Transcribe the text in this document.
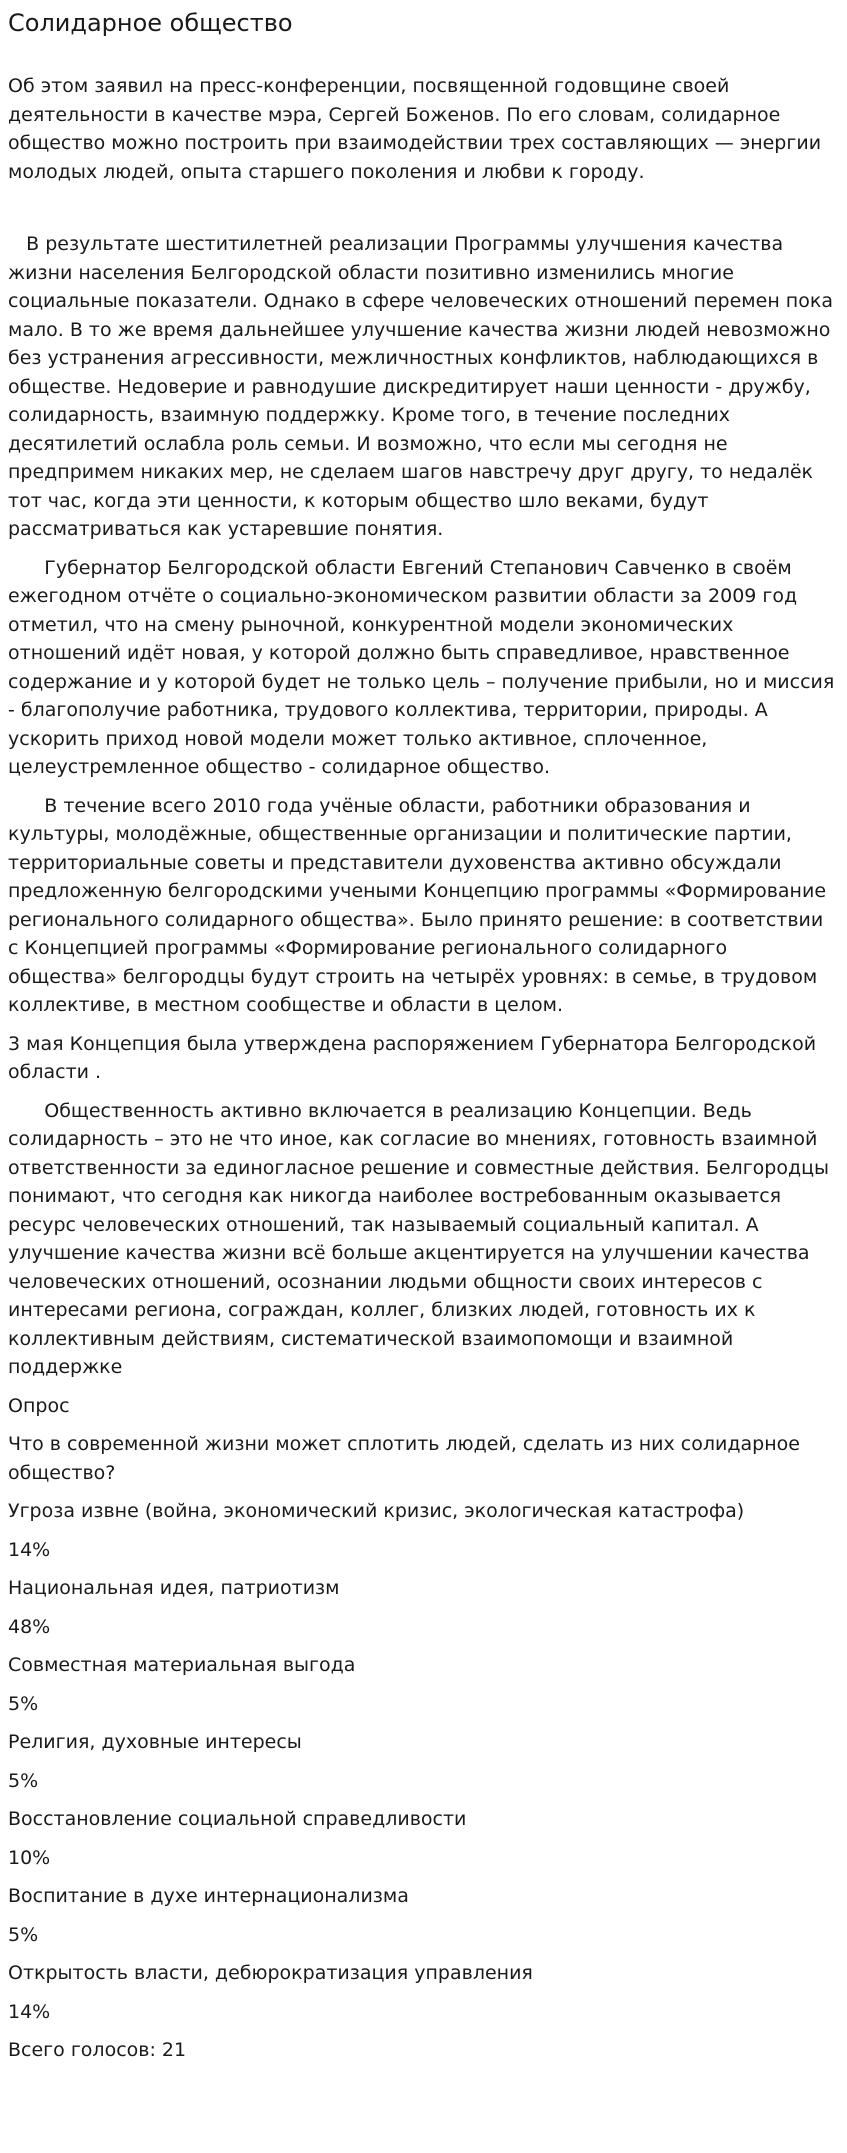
Солидарное общество

Об этом заявил на пресс-конференции, посвященной годовщине своей деятельности в качестве мэра, Сергей Боженов. По его словам, солидарное общество можно построить при взаимодействии трех составляющих — энергии молодых людей, опыта старшего поколения и любви к городу.

В результате шеститилетней реализации Программы улучшения качества жизни населения Белгородской области позитивно изменились многие социальные показатели. Однако в сфере человеческих отношений перемен пока мало. В то же время дальнейшее улучшение качества жизни людей невозможно без устранения агрессивности, межличностных конфликтов, наблюдающихся в обществе. Недоверие и равнодушие дискредитирует наши ценности - дружбу, солидарность, взаимную поддержку. Кроме того, в течение последних десятилетий ослабла роль семьи. И возможно, что если мы сегодня не предпримем никаких мер, не сделаем шагов навстречу друг другу, то недалёк тот час, когда эти ценности, к которым общество шло веками, будут рассматриваться как устаревшие понятия.

Губернатор Белгородской области Евгений Степанович Савченко в своём ежегодном отчёте о социально-экономическом развитии области за 2009 год отметил, что на смену рыночной, конкурентной модели экономических отношений идёт новая, у которой должно быть справедливое, нравственное содержание и у которой будет не только цель – получение прибыли, но и миссия - благополучие работника, трудового коллектива, территории, природы. А ускорить приход новой модели может только активное, сплоченное, целеустремленное общество - солидарное общество.

В течение всего 2010 года учёные области, работники образования и культуры, молодёжные, общественные организации и политические партии, территориальные советы и представители духовенства активно обсуждали предложенную белгородскими учеными Концепцию программы «Формирование регионального солидарного общества». Было принято решение: в соответствии с Концепцией программы «Формирование регионального солидарного общества» белгородцы будут строить на четырёх уровнях: в семье, в трудовом коллективе, в местном сообществе и области в целом.

3 мая Концепция была утверждена распоряжением Губернатора Белгородской области .

Общественность активно включается в реализацию Концепции. Ведь солидарность – это не что иное, как согласие во мнениях, готовность взаимной ответственности за единогласное решение и совместные действия. Белгородцы понимают, что сегодня как никогда наиболее востребованным оказывается ресурс человеческих отношений, так называемый социальный капитал. А улучшение качества жизни всё больше акцентируется на улучшении качества человеческих отношений, осознании людьми общности своих интересов с интересами региона, сограждан, коллег, близких людей, готовность их к коллективным действиям, систематической взаимопомощи и взаимной поддержке

Опрос

Что в современной жизни может сплотить людей, сделать из них солидарное общество?

Угроза извне (война, экономический кризис, экологическая катастрофа)

14%

Национальная идея, патриотизм

48%

Совместная материальная выгода

5%

Религия, духовные интересы

5%

Восстановление социальной справедливости

10%

Воспитание в духе интернационализма

5%

Открытость власти, дебюрократизация управления

14%

Всего голосов: 21
